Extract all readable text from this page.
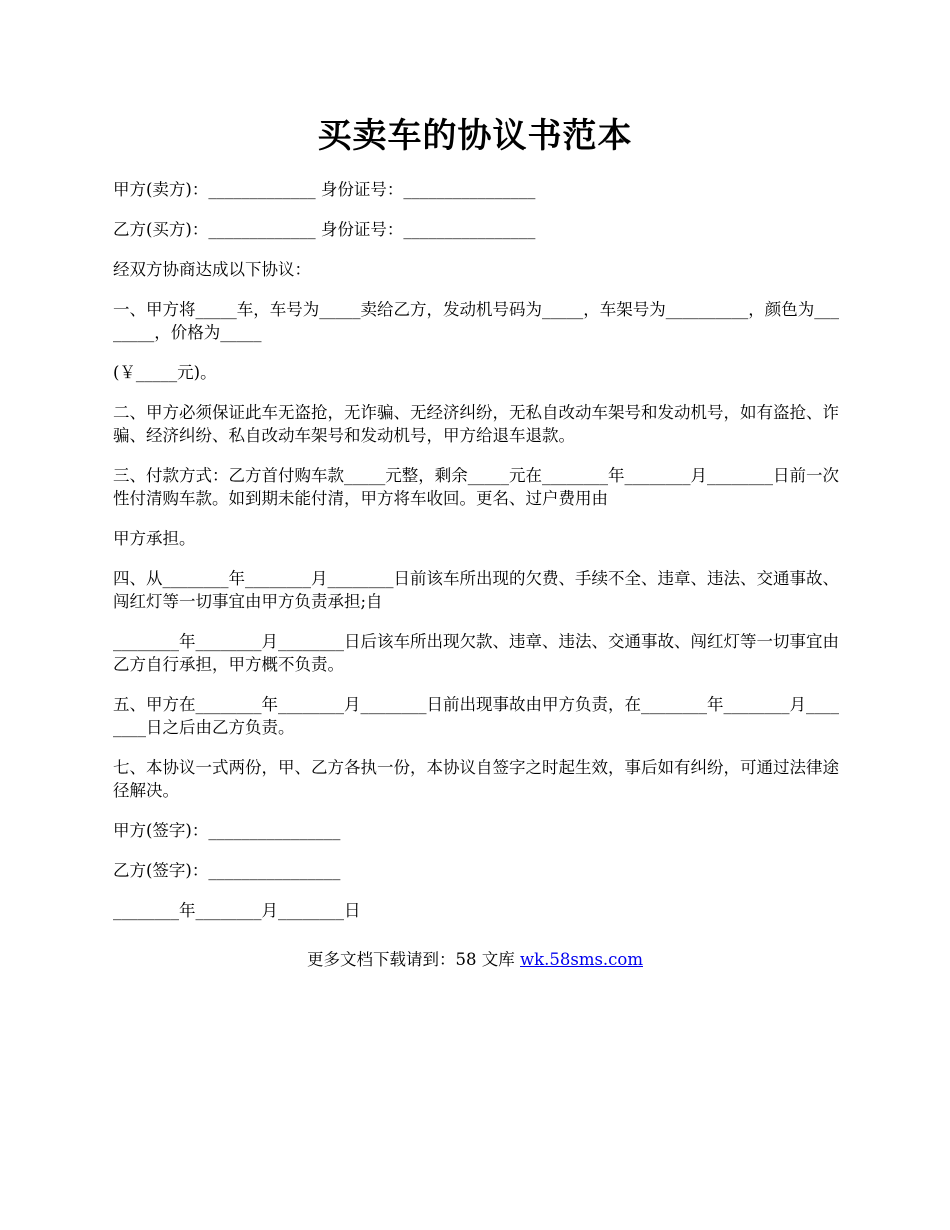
买卖车的协议书范本

甲方(卖方)：_____________ 身份证号：________________

乙方(买方)：_____________ 身份证号：________________

经双方协商达成以下协议：

一、甲方将_____车，车号为_____卖给乙方，发动机号码为_____，车架号为__________，颜色为________，价格为_____

(￥_____元)。

二、甲方必须保证此车无盗抢，无诈骗、无经济纠纷，无私自改动车架号和发动机号，如有盗抢、诈骗、经济纠纷、私自改动车架号和发动机号，甲方给退车退款。

三、付款方式：乙方首付购车款_____元整，剩余_____元在________年________月________日前一次性付清购车款。如到期未能付清，甲方将车收回。更名、过户费用由

甲方承担。

四、从________年________月________日前该车所出现的欠费、手续不全、违章、违法、交通事故、闯红灯等一切事宜由甲方负责承担;自

________年________月________日后该车所出现欠款、违章、违法、交通事故、闯红灯等一切事宜由乙方自行承担，甲方概不负责。

五、甲方在________年________月________日前出现事故由甲方负责，在________年________月________日之后由乙方负责。

七、本协议一式两份，甲、乙方各执一份，本协议自签字之时起生效，事后如有纠纷，可通过法律途径解决。

甲方(签字)：________________

乙方(签字)：________________

________年________月________日

更多文档下载请到：58 文库 wk.58sms.com
